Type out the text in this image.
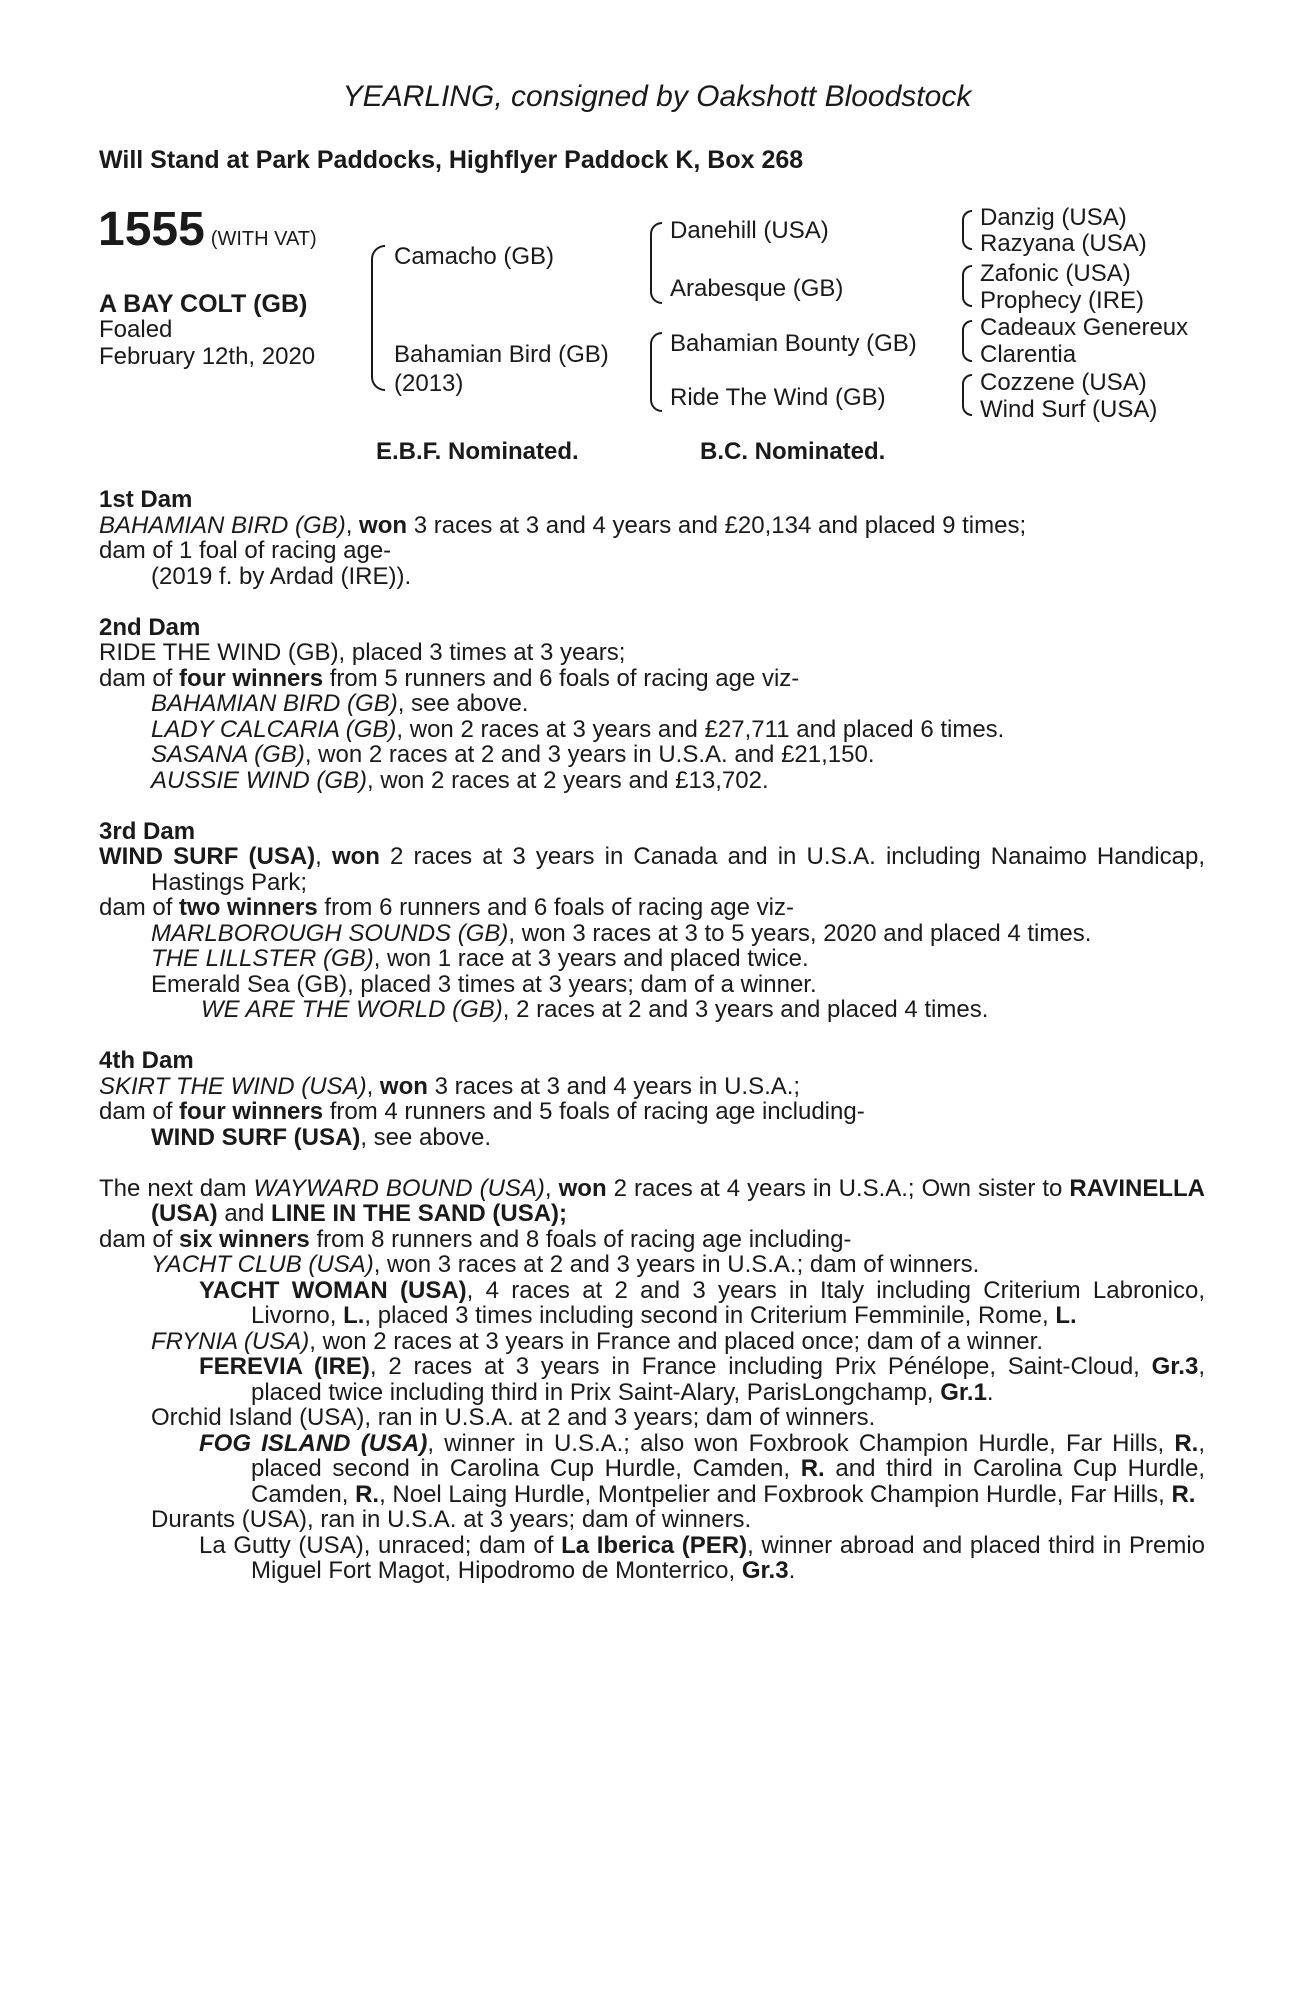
YEARLING, consigned by Oakshott Bloodstock
Will Stand at Park Paddocks, Highflyer Paddock K, Box 268
1555 (WITH VAT)
A BAY COLT (GB)
Foaled
February 12th, 2020
Camacho (GB)
Bahamian Bird (GB)
(2013)
Danehill (USA)
Arabesque (GB)
Bahamian Bounty (GB)
Ride The Wind (GB)
Danzig (USA)
Razyana (USA)
Zafonic (USA)
Prophecy (IRE)
Cadeaux Genereux
Clarentia
Cozzene (USA)
Wind Surf (USA)
E.B.F. Nominated.	B.C. Nominated.
1st Dam
BAHAMIAN BIRD (GB), won 3 races at 3 and 4 years and £20,134 and placed 9 times;
dam of 1 foal of racing age-
(2019 f. by Ardad (IRE)).
2nd Dam
RIDE THE WIND (GB), placed 3 times at 3 years;
dam of four winners from 5 runners and 6 foals of racing age viz-
BAHAMIAN BIRD (GB), see above.
LADY CALCARIA (GB), won 2 races at 3 years and £27,711 and placed 6 times.
SASANA (GB), won 2 races at 2 and 3 years in U.S.A. and £21,150.
AUSSIE WIND (GB), won 2 races at 2 years and £13,702.
3rd Dam
WIND SURF (USA), won 2 races at 3 years in Canada and in U.S.A. including Nanaimo Handicap, Hastings Park;
dam of two winners from 6 runners and 6 foals of racing age viz-
MARLBOROUGH SOUNDS (GB), won 3 races at 3 to 5 years, 2020 and placed 4 times.
THE LILLSTER (GB), won 1 race at 3 years and placed twice.
Emerald Sea (GB), placed 3 times at 3 years; dam of a winner.
WE ARE THE WORLD (GB), 2 races at 2 and 3 years and placed 4 times.
4th Dam
SKIRT THE WIND (USA), won 3 races at 3 and 4 years in U.S.A.;
dam of four winners from 4 runners and 5 foals of racing age including-
WIND SURF (USA), see above.
The next dam WAYWARD BOUND (USA), won 2 races at 4 years in U.S.A.; Own sister to RAVINELLA (USA) and LINE IN THE SAND (USA);
dam of six winners from 8 runners and 8 foals of racing age including-
YACHT CLUB (USA), won 3 races at 2 and 3 years in U.S.A.; dam of winners.
YACHT WOMAN (USA), 4 races at 2 and 3 years in Italy including Criterium Labronico, Livorno, L., placed 3 times including second in Criterium Femminile, Rome, L.
FRYNIA (USA), won 2 races at 3 years in France and placed once; dam of a winner.
FEREVIA (IRE), 2 races at 3 years in France including Prix Pénélope, Saint-Cloud, Gr.3, placed twice including third in Prix Saint-Alary, ParisLongchamp, Gr.1.
Orchid Island (USA), ran in U.S.A. at 2 and 3 years; dam of winners.
FOG ISLAND (USA), winner in U.S.A.; also won Foxbrook Champion Hurdle, Far Hills, R., placed second in Carolina Cup Hurdle, Camden, R. and third in Carolina Cup Hurdle, Camden, R., Noel Laing Hurdle, Montpelier and Foxbrook Champion Hurdle, Far Hills, R.
Durants (USA), ran in U.S.A. at 3 years; dam of winners.
La Gutty (USA), unraced; dam of La Iberica (PER), winner abroad and placed third in Premio Miguel Fort Magot, Hipodromo de Monterrico, Gr.3.
